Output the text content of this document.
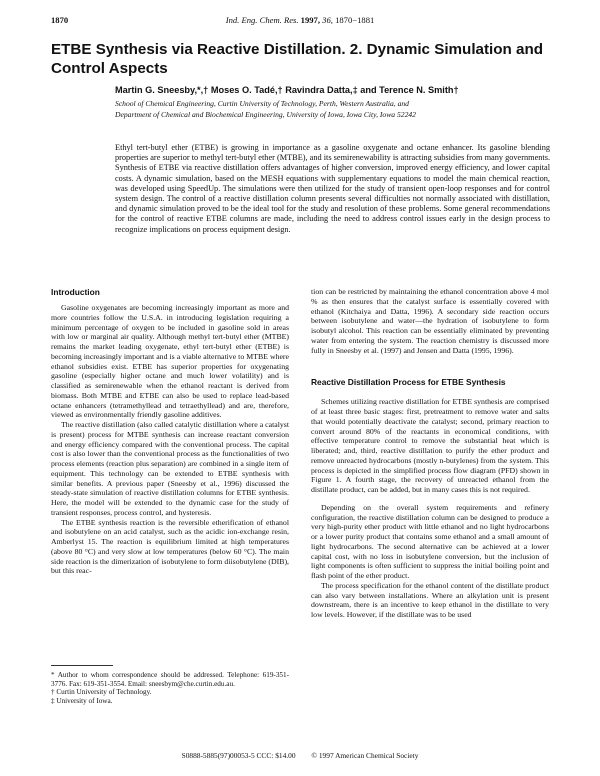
1870	Ind. Eng. Chem. Res. 1997, 36, 1870−1881
ETBE Synthesis via Reactive Distillation. 2. Dynamic Simulation and Control Aspects
Martin G. Sneesby,*,† Moses O. Tadé,† Ravindra Datta,‡ and Terence N. Smith†
School of Chemical Engineering, Curtin University of Technology, Perth, Western Australia, and
Department of Chemical and Biochemical Engineering, University of Iowa, Iowa City, Iowa 52242

Ethyl tert-butyl ether (ETBE) is growing in importance as a gasoline oxygenate and octane enhancer. Its gasoline blending properties are superior to methyl tert-butyl ether (MTBE), and its semirenewability is attracting subsidies from many governments. Synthesis of ETBE via reactive distillation offers advantages of higher conversion, improved energy efficiency, and lower capital costs. A dynamic simulation, based on the MESH equations with supplementary equations to model the main chemical reaction, was developed using SpeedUp. The simulations were then utilized for the study of transient open-loop responses and for control system design. The control of a reactive distillation column presents several difficulties not normally associated with distillation, and dynamic simulation proved to be the ideal tool for the study and resolution of these problems. Some general recommendations for the control of reactive ETBE columns are made, including the need to address control issues early in the design process to recognize implications on process equipment design.

Introduction

Gasoline oxygenates are becoming increasingly important as more and more countries follow the U.S.A. in introducing legislation requiring a minimum percentage of oxygen to be included in gasoline sold in areas with low or marginal air quality. Although methyl tert-butyl ether (MTBE) remains the market leading oxygenate, ethyl tert-butyl ether (ETBE) is becoming increasingly important and is a viable alternative to MTBE where ethanol subsidies exist. ETBE has superior properties for oxygenating gasoline (especially higher octane and much lower volatility) and is classified as semirenewable when the ethanol reactant is derived from biomass. Both MTBE and ETBE can also be used to replace lead-based octane enhancers (tetramethyllead and tetraethyllead) and are, therefore, viewed as environmentally friendly gasoline additives.

The reactive distillation (also called catalytic distillation where a catalyst is present) process for MTBE synthesis can increase reactant conversion and energy efficiency compared with the conventional process. The capital cost is also lower than the conventional process as the functionalities of two process elements (reaction plus separation) are combined in a single item of equipment. This technology can be extended to ETBE synthesis with similar benefits. A previous paper (Sneesby et al., 1996) discussed the steady-state simulation of reactive distillation columns for ETBE synthesis. Here, the model will be extended to the dynamic case for the study of transient responses, process control, and hysteresis.

The ETBE synthesis reaction is the reversible etherification of ethanol and isobutylene on an acid catalyst, such as the acidic ion-exchange resin, Amberlyst 15. The reaction is equilibrium limited at high temperatures (above 80 °C) and very slow at low temperatures (below 60 °C). The main side reaction is the dimerization of isobutylene to form diisobutylene (DIB), but this reac-

tion can be restricted by maintaining the ethanol concentration above 4 mol % as then ensures that the catalyst surface is essentially covered with ethanol (Kitchaiya and Datta, 1996). A secondary side reaction occurs between isobutylene and water—the hydration of isobutylene to form isobutyl alcohol. This reaction can be essentially eliminated by preventing water from entering the system. The reaction chemistry is discussed more fully in Sneesby et al. (1997) and Jensen and Datta (1995, 1996).

Reactive Distillation Process for ETBE Synthesis

Schemes utilizing reactive distillation for ETBE synthesis are comprised of at least three basic stages: first, pretreatment to remove water and salts that would potentially deactivate the catalyst; second, primary reaction to convert around 80% of the reactants in economical conditions, with effective temperature control to remove the substantial heat which is liberated; and, third, reactive distillation to purify the ether product and remove unreacted hydrocarbons (mostly n-butylenes) from the system. This process is depicted in the simplified process flow diagram (PFD) shown in Figure 1. A fourth stage, the recovery of unreacted ethanol from the distillate product, can be added, but in many cases this is not required.

Depending on the overall system requirements and refinery configuration, the reactive distillation column can be designed to produce a very high-purity ether product with little ethanol and no light hydrocarbons or a lower purity product that contains some ethanol and a small amount of light hydrocarbons. The second alternative can be achieved at a lower capital cost, with no loss in isobutylene conversion, but the inclusion of light components is often sufficient to suppress the initial boiling point and flash point of the ether product.

The process specification for the ethanol content of the distillate product can also vary between installations. Where an alkylation unit is present downstream, there is an incentive to keep ethanol in the distillate to very low levels. However, if the distillate was to be used

* Author to whom correspondence should be addressed. Telephone: 619-351-3776. Fax: 619-351-3554. Email: sneesbym@che.curtin.edu.au.
† Curtin University of Technology.
‡ University of Iowa.
S0888-5885(97)00053-5 CCC: $14.00 © 1997 American Chemical Society
